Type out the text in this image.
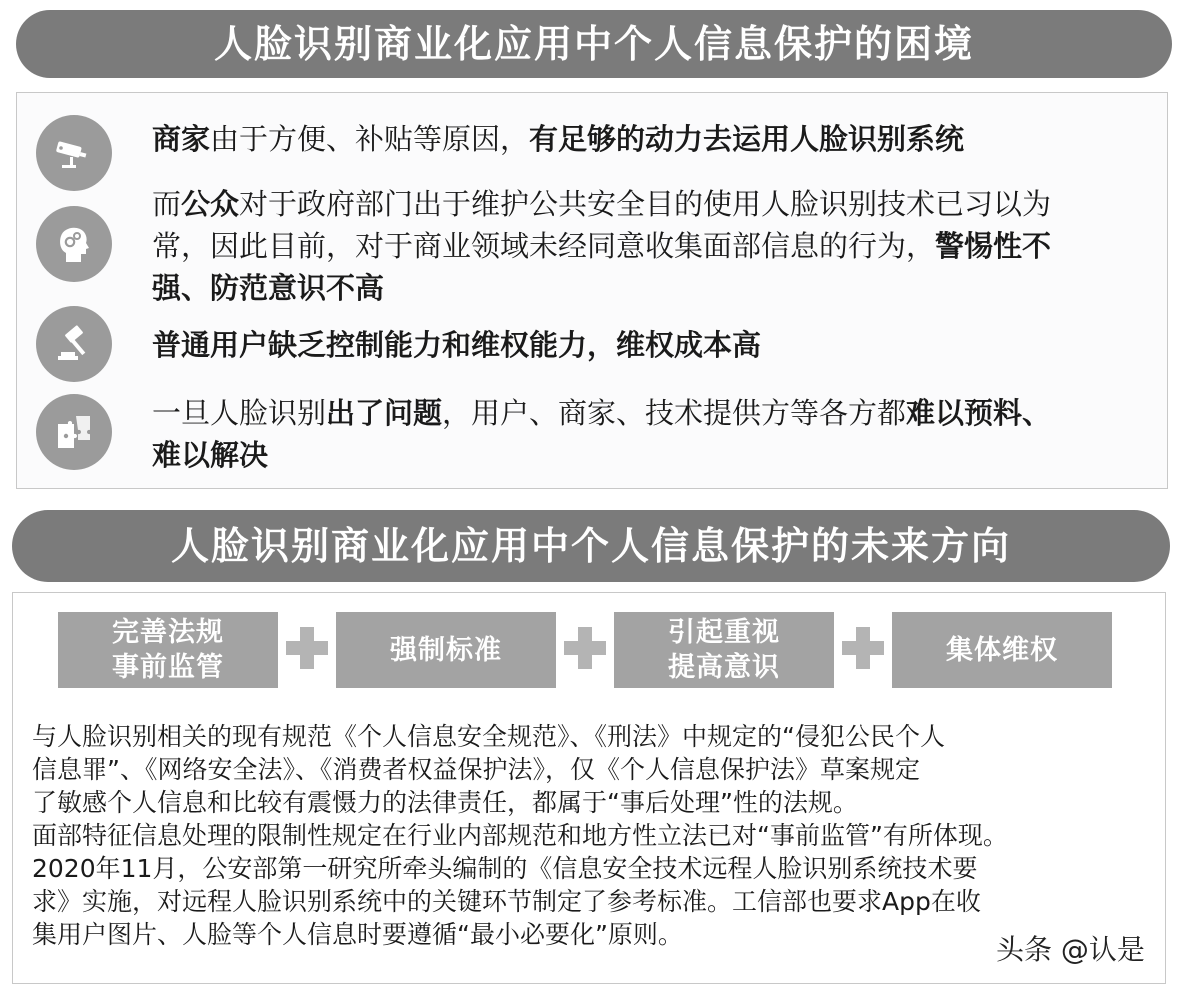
人脸识别商业化应用中个人信息保护的困境
商家由于方便、补贴等原因，有足够的动力去运用人脸识别系统
而公众对于政府部门出于维护公共安全目的使用人脸识别技术已习以为
常，因此目前，对于商业领域未经同意收集面部信息的行为，警惕性不
强、防范意识不高
普通用户缺乏控制能力和维权能力，维权成本高
一旦人脸识别出了问题，用户、商家、技术提供方等各方都难以预料、
难以解决
人脸识别商业化应用中个人信息保护的未来方向
完善法规
事前监管
强制标准
引起重视
提高意识
集体维权
与人脸识别相关的现有规范《个人信息安全规范》、《刑法》中规定的“侵犯公民个人
信息罪”、《网络安全法》、《消费者权益保护法》，仅《个人信息保护法》草案规定
了敏感个人信息和比较有震慑力的法律责任，都属于“事后处理”性的法规。
面部特征信息处理的限制性规定在行业内部规范和地方性立法已对“事前监管”有所体现。
2020年11月，公安部第一研究所牵头编制的《信息安全技术远程人脸识别系统技术要
求》实施，对远程人脸识别系统中的关键环节制定了参考标准。工信部也要求App在收
集用户图片、人脸等个人信息时要遵循“最小必要化”原则。	头条 @认是
